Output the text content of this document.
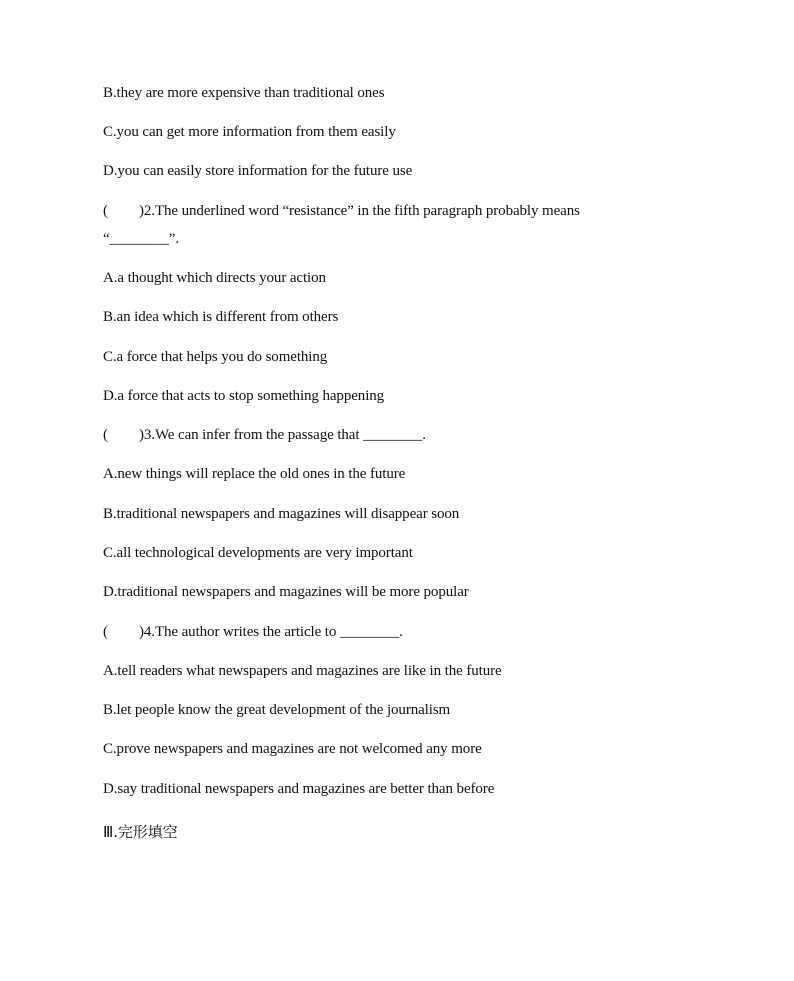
B.they are more expensive than traditional ones
C.you can get more information from them easily
D.you can easily store information for the future use
( )2.The underlined word “resistance” in the fifth paragraph probably means
“________”.
A.a thought which directs your action
B.an idea which is different from others
C.a force that helps you do something
D.a force that acts to stop something happening
( )3.We can infer from the passage that ________.
A.new things will replace the old ones in the future
B.traditional newspapers and magazines will disappear soon
C.all technological developments are very important
D.traditional newspapers and magazines will be more popular
( )4.The author writes the article to ________.
A.tell readers what newspapers and magazines are like in the future
B.let people know the great development of the journalism
C.prove newspapers and magazines are not welcomed any more
D.say traditional newspapers and magazines are better than before
Ⅲ.完形填空
